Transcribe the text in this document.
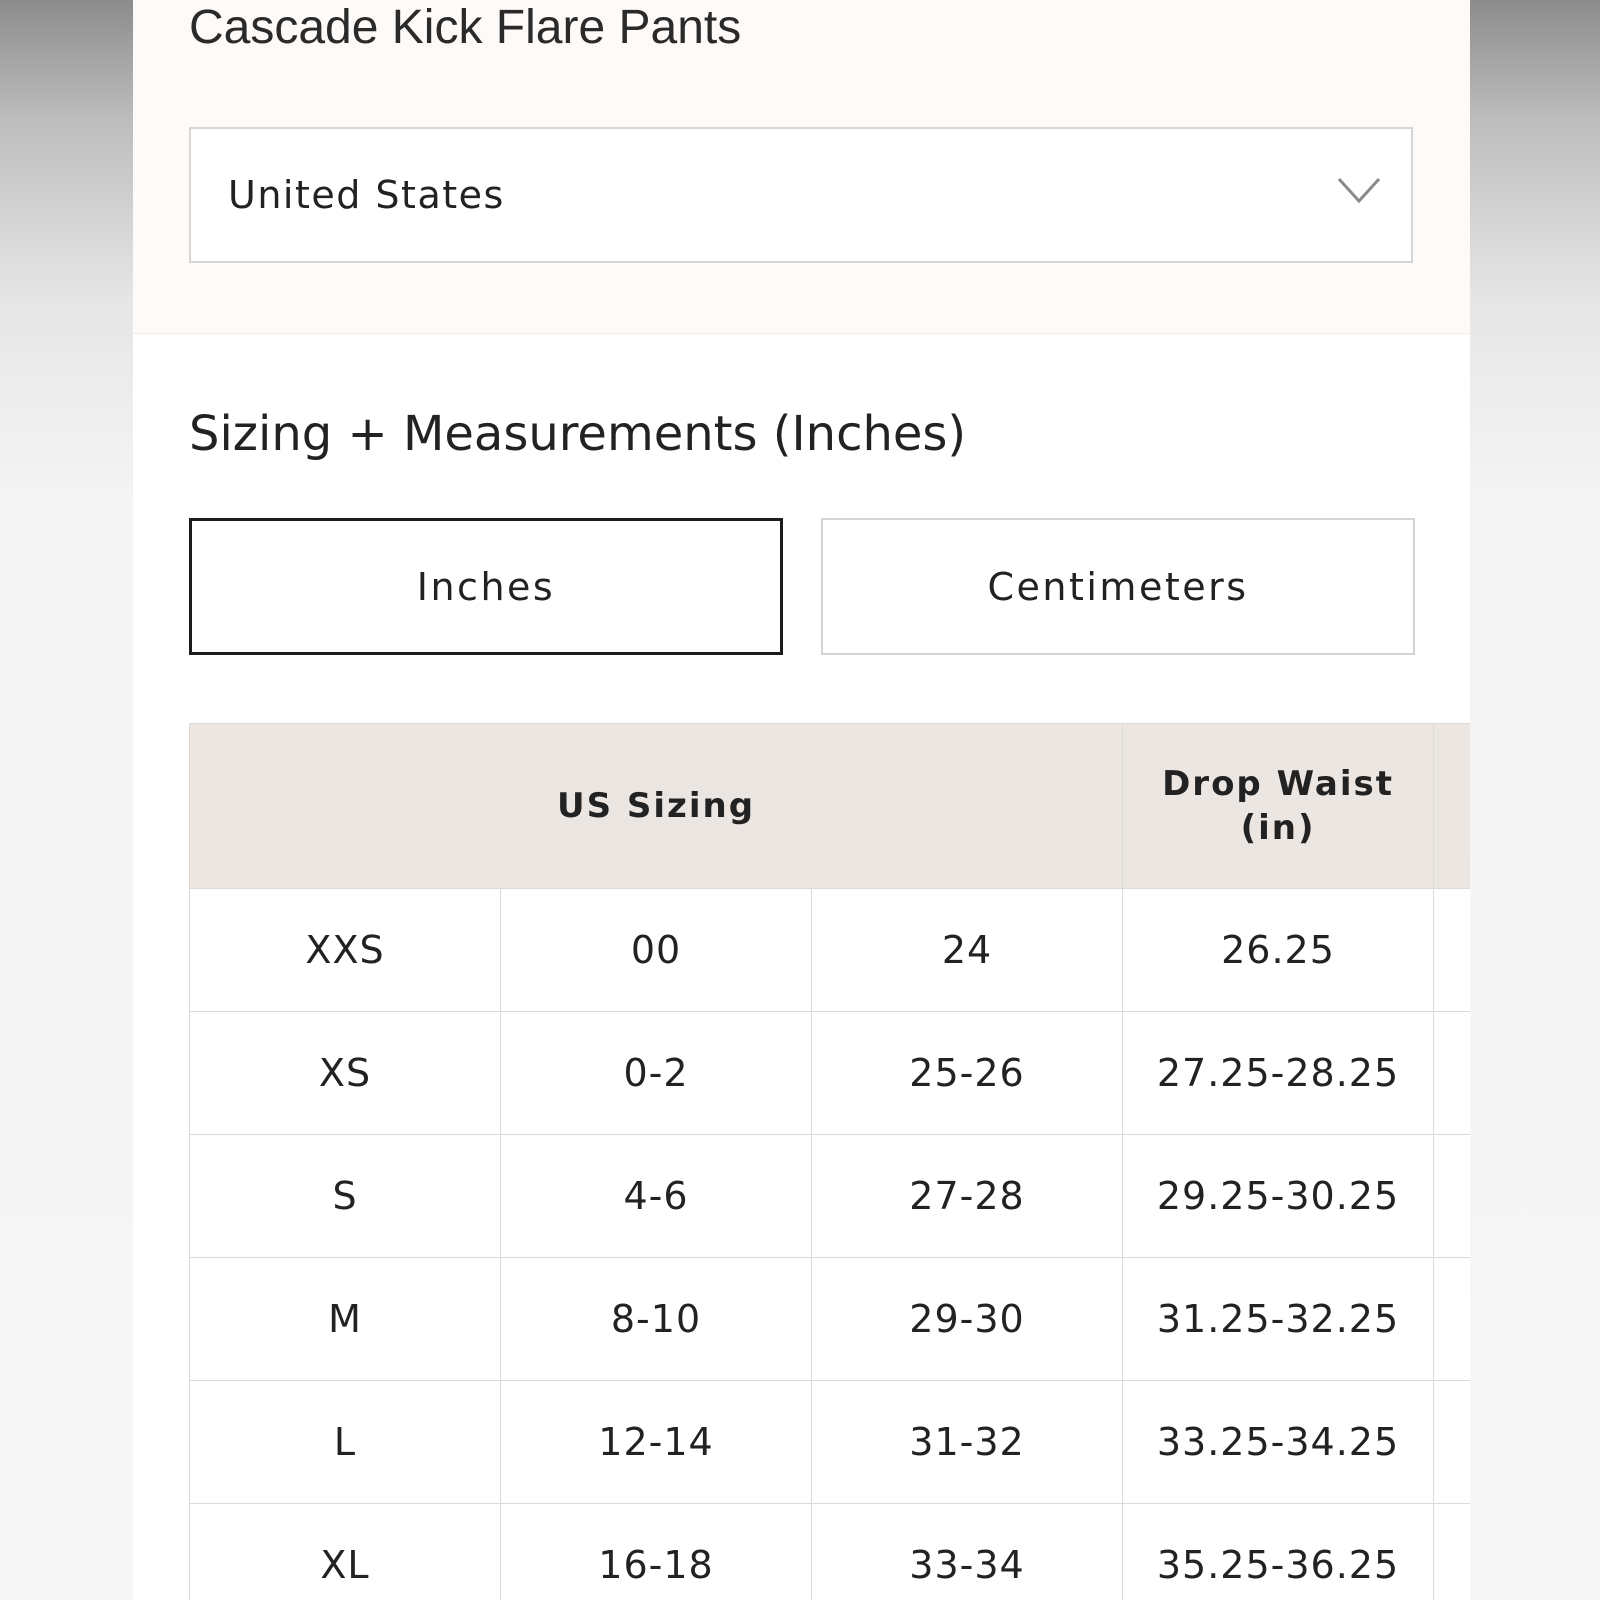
Cascade Kick Flare Pants
United States
Sizing + Measurements (Inches)
Inches	Centimeters
US Sizing			Drop Waist
(in)	
XXS	00	24	26.25	
XS	0-2	25-26	27.25-28.25	
S	4-6	27-28	29.25-30.25	
M	8-10	29-30	31.25-32.25	
L	12-14	31-32	33.25-34.25	
XL	16-18	33-34	35.25-36.25	
